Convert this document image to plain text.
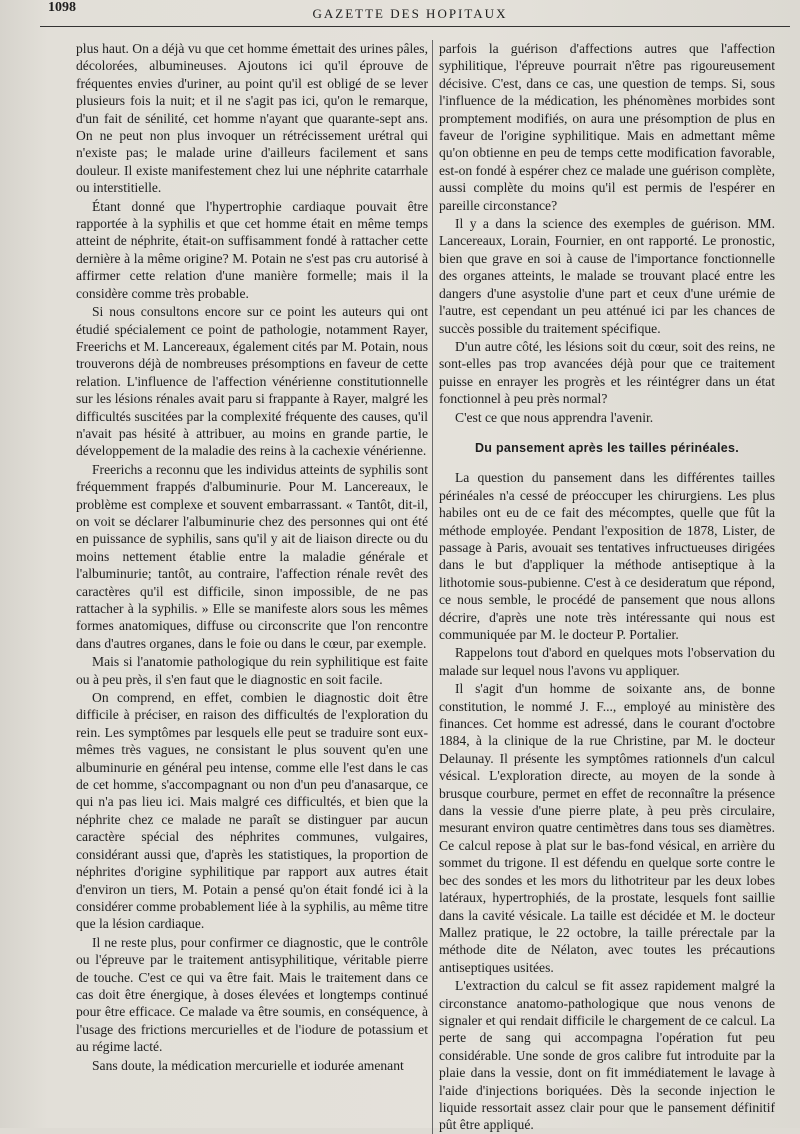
1098	GAZETTE DES HOPITAUX

plus haut. On a déjà vu que cet homme émettait des urines pâles, décolorées, albumineuses. Ajoutons ici qu'il éprouve de fréquentes envies d'uriner, au point qu'il est obligé de se lever plusieurs fois la nuit; et il ne s'agit pas ici, qu'on le remarque, d'un fait de sénilité, cet homme n'ayant que quarante-sept ans. On ne peut non plus invoquer un rétrécissement urétral qui n'existe pas; le malade urine d'ailleurs facilement et sans douleur. Il existe manifestement chez lui une néphrite catarrhale ou interstitielle.

Étant donné que l'hypertrophie cardiaque pouvait être rapportée à la syphilis et que cet homme était en même temps atteint de néphrite, était-on suffisamment fondé à rattacher cette dernière à la même origine? M. Potain ne s'est pas cru autorisé à affirmer cette relation d'une manière formelle; mais il la considère comme très probable.

Si nous consultons encore sur ce point les auteurs qui ont étudié spécialement ce point de pathologie, notamment Rayer, Freerichs et M. Lancereaux, également cités par M. Potain, nous trouverons déjà de nombreuses présomptions en faveur de cette relation. L'influence de l'affection vénérienne constitutionnelle sur les lésions rénales avait paru si frappante à Rayer, malgré les difficultés suscitées par la complexité fréquente des causes, qu'il n'avait pas hésité à attribuer, au moins en grande partie, le développement de la maladie des reins à la cachexie vénérienne.

Freerichs a reconnu que les individus atteints de syphilis sont fréquemment frappés d'albuminurie. Pour M. Lancereaux, le problème est complexe et souvent embarrassant. « Tantôt, dit-il, on voit se déclarer l'albuminurie chez des personnes qui ont été en puissance de syphilis, sans qu'il y ait de liaison directe ou du moins nettement établie entre la maladie générale et l'albuminurie; tantôt, au contraire, l'affection rénale revêt des caractères qu'il est difficile, sinon impossible, de ne pas rattacher à la syphilis. » Elle se manifeste alors sous les mêmes formes anatomiques, diffuse ou circonscrite que l'on rencontre dans d'autres organes, dans le foie ou dans le cœur, par exemple.

Mais si l'anatomie pathologique du rein syphilitique est faite ou à peu près, il s'en faut que le diagnostic en soit facile.

On comprend, en effet, combien le diagnostic doit être difficile à préciser, en raison des difficultés de l'exploration du rein. Les symptômes par lesquels elle peut se traduire sont eux-mêmes très vagues, ne consistant le plus souvent qu'en une albuminurie en général peu intense, comme elle l'est dans le cas de cet homme, s'accompagnant ou non d'un peu d'anasarque, ce qui n'a pas lieu ici. Mais malgré ces difficultés, et bien que la néphrite chez ce malade ne paraît se distinguer par aucun caractère spécial des néphrites communes, vulgaires, considérant aussi que, d'après les statistiques, la proportion de néphrites d'origine syphilitique par rapport aux autres était d'environ un tiers, M. Potain a pensé qu'on était fondé ici à la considérer comme probablement liée à la syphilis, au même titre que la lésion cardiaque.

Il ne reste plus, pour confirmer ce diagnostic, que le contrôle ou l'épreuve par le traitement antisyphilitique, véritable pierre de touche. C'est ce qui va être fait. Mais le traitement dans ce cas doit être énergique, à doses élevées et longtemps continué pour être efficace. Ce malade va être soumis, en conséquence, à l'usage des frictions mercurielles et de l'iodure de potassium et au régime lacté.

Sans doute, la médication mercurielle et iodurée amenant

parfois la guérison d'affections autres que l'affection syphilitique, l'épreuve pourrait n'être pas rigoureusement décisive. C'est, dans ce cas, une question de temps. Si, sous l'influence de la médication, les phénomènes morbides sont promptement modifiés, on aura une présomption de plus en faveur de l'origine syphilitique. Mais en admettant même qu'on obtienne en peu de temps cette modification favorable, est-on fondé à espérer chez ce malade une guérison complète, aussi complète du moins qu'il est permis de l'espérer en pareille circonstance?

Il y a dans la science des exemples de guérison. MM. Lancereaux, Lorain, Fournier, en ont rapporté. Le pronostic, bien que grave en soi à cause de l'importance fonctionnelle des organes atteints, le malade se trouvant placé entre les dangers d'une asystolie d'une part et ceux d'une urémie de l'autre, est cependant un peu atténué ici par les chances de succès possible du traitement spécifique.

D'un autre côté, les lésions soit du cœur, soit des reins, ne sont-elles pas trop avancées déjà pour que ce traitement puisse en enrayer les progrès et les réintégrer dans un état fonctionnel à peu près normal?

C'est ce que nous apprendra l'avenir.

Du pansement après les tailles périnéales.

La question du pansement dans les différentes tailles périnéales n'a cessé de préoccuper les chirurgiens. Les plus habiles ont eu de ce fait des mécomptes, quelle que fût la méthode employée. Pendant l'exposition de 1878, Lister, de passage à Paris, avouait ses tentatives infructueuses dirigées dans le but d'appliquer la méthode antiseptique à la lithotomie sous-pubienne. C'est à ce desideratum que répond, ce nous semble, le procédé de pansement que nous allons décrire, d'après une note très intéressante qui nous est communiquée par M. le docteur P. Portalier.

Rappelons tout d'abord en quelques mots l'observation du malade sur lequel nous l'avons vu appliquer.

Il s'agit d'un homme de soixante ans, de bonne constitution, le nommé J. F..., employé au ministère des finances. Cet homme est adressé, dans le courant d'octobre 1884, à la clinique de la rue Christine, par M. le docteur Delaunay. Il présente les symptômes rationnels d'un calcul vésical. L'exploration directe, au moyen de la sonde à brusque courbure, permet en effet de reconnaître la présence dans la vessie d'une pierre plate, à peu près circulaire, mesurant environ quatre centimètres dans tous ses diamètres. Ce calcul repose à plat sur le bas-fond vésical, en arrière du sommet du trigone. Il est défendu en quelque sorte contre le bec des sondes et les mors du lithotriteur par les deux lobes latéraux, hypertrophiés, de la prostate, lesquels font saillie dans la cavité vésicale. La taille est décidée et M. le docteur Mallez pratique, le 22 octobre, la taille prérectale par la méthode dite de Nélaton, avec toutes les précautions antiseptiques usitées.

L'extraction du calcul se fit assez rapidement malgré la circonstance anatomo-pathologique que nous venons de signaler et qui rendait difficile le chargement de ce calcul. La perte de sang qui accompagna l'opération fut peu considérable. Une sonde de gros calibre fut introduite par la plaie dans la vessie, dont on fit immédiatement le lavage à l'aide d'injections boriquées. Dès la seconde injection le liquide ressortait assez clair pour que le pansement définitif pût être appliqué.
